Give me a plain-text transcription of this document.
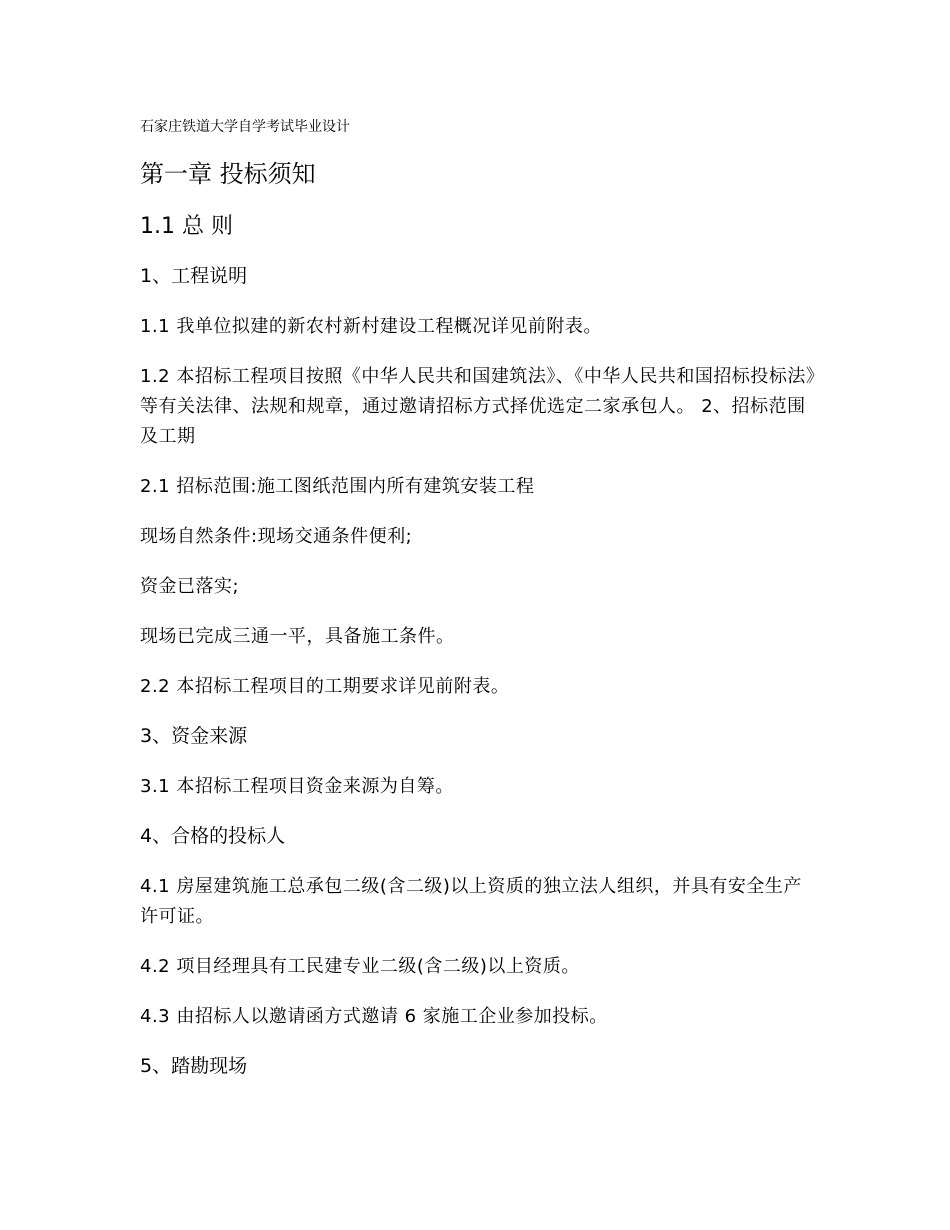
石家庄铁道大学自学考试毕业设计
第一章 投标须知
1.1 总 则
1、工程说明
1.1 我单位拟建的新农村新村建设工程概况详见前附表。
1.2 本招标工程项目按照《中华人民共和国建筑法》、《中华人民共和国招标投标法》等有关法律、法规和规章，通过邀请招标方式择优选定二家承包人。 2、招标范围及工期
2.1 招标范围:施工图纸范围内所有建筑安装工程
现场自然条件:现场交通条件便利;
资金已落实;
现场已完成三通一平，具备施工条件。
2.2 本招标工程项目的工期要求详见前附表。
3、资金来源
3.1 本招标工程项目资金来源为自筹。
4、合格的投标人
4.1 房屋建筑施工总承包二级(含二级)以上资质的独立法人组织，并具有安全生产许可证。
4.2 项目经理具有工民建专业二级(含二级)以上资质。
4.3 由招标人以邀请函方式邀请 6 家施工企业参加投标。
5、踏勘现场
